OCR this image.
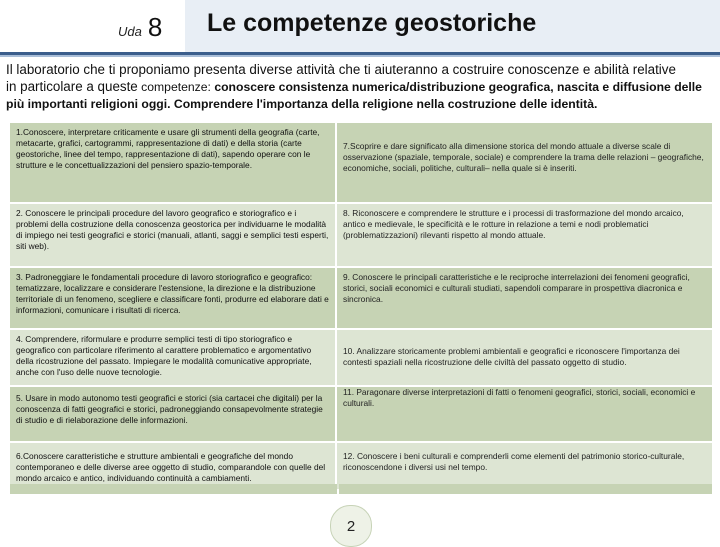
Uda 8 Le competenze geostoriche
Il laboratorio che ti proponiamo presenta diverse attività che ti aiuteranno a costruire conoscenze e abilità relative
in particolare a queste competenze: conoscere consistenza numerica/distribuzione geografica, nascita e diffusione delle
più importanti religioni oggi. Comprendere l'importanza della religione nella costruzione delle identità.
1.Conoscere, interpretare criticamente e usare gli strumenti della geografia (carte, metacarte, grafici, cartogrammi, rappresentazione di dati) e della storia (carte geostoriche, linee del tempo, rappresentazione di dati), sapendo operare con le strutture e le concettualizzazioni del pensiero spazio-temporale.
7.Scoprire e dare significato alla dimensione storica del mondo attuale a diverse scale di osservazione (spaziale, temporale, sociale) e comprendere la trama delle relazioni – geografiche, economiche, sociali, politiche, culturali– nella quale si è inseriti.
2. Conoscere le principali procedure del lavoro geografico e storiografico e i problemi della costruzione della conoscenza geostorica per individuarne le modalità di impiego nei testi geografici e storici (manuali, atlanti, saggi e semplici testi esperti, siti web).
8. Riconoscere e comprendere le strutture e i processi di trasformazione del mondo arcaico, antico e medievale, le specificità e le rotture in relazione a temi e nodi problematici (problematizzazioni) rilevanti rispetto al mondo attuale.
3. Padroneggiare le fondamentali procedure di lavoro storiografico e geografico: tematizzare, localizzare e considerare l'estensione, la direzione e la distribuzione territoriale di un fenomeno, scegliere e classificare fonti, produrre ed elaborare dati e informazioni, comunicare i risultati di ricerca.
9. Conoscere le principali caratteristiche e le reciproche interrelazioni dei fenomeni geografici, storici, sociali economici e culturali studiati, sapendoli comparare in prospettiva diacronica e sincronica.
4. Comprendere, riformulare e produrre semplici testi di tipo storiografico e geografico con particolare riferimento al carattere problematico e argomentativo della ricostruzione del passato. Impiegare le modalità comunicative appropriate, anche con l'uso delle nuove tecnologie.
10. Analizzare storicamente problemi ambientali e geografici e riconoscere l'importanza dei contesti spaziali nella ricostruzione delle civiltà del passato oggetto di studio.
5. Usare in modo autonomo testi geografici e storici (sia cartacei che digitali) per la conoscenza di fatti geografici e storici, padroneggiando consapevolmente strategie di studio e di rielaborazione delle informazioni.
11. Paragonare diverse interpretazioni di fatti o fenomeni geografici, storici, sociali, economici e culturali.
6.Conoscere caratteristiche e strutture ambientali e geografiche del mondo contemporaneo e delle diverse aree oggetto di studio, comparandole con quelle del mondo arcaico e antico, individuando continuità a cambiamenti.
12. Conoscere i beni culturali e comprenderli come elementi del patrimonio storico-culturale, riconoscendone i diversi usi nel tempo.
2
